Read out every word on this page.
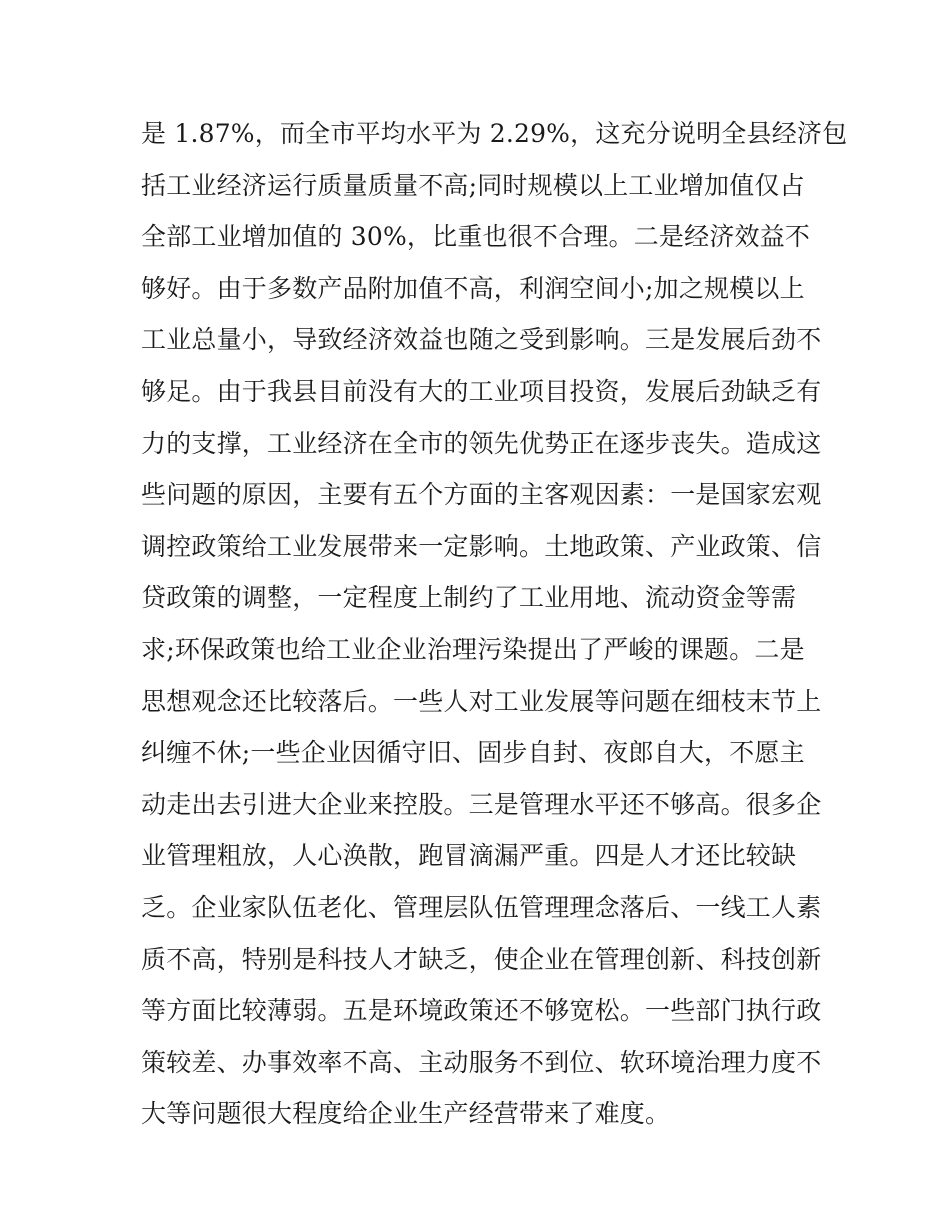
是 1.87%，而全市平均水平为 2.29%，这充分说明全县经济包
括工业经济运行质量质量不高;同时规模以上工业增加值仅占
全部工业增加值的 30%，比重也很不合理。二是经济效益不
够好。由于多数产品附加值不高，利润空间小;加之规模以上
工业总量小，导致经济效益也随之受到影响。三是发展后劲不
够足。由于我县目前没有大的工业项目投资，发展后劲缺乏有
力的支撑，工业经济在全市的领先优势正在逐步丧失。造成这
些问题的原因，主要有五个方面的主客观因素：一是国家宏观
调控政策给工业发展带来一定影响。土地政策、产业政策、信
贷政策的调整，一定程度上制约了工业用地、流动资金等需
求;环保政策也给工业企业治理污染提出了严峻的课题。二是
思想观念还比较落后。一些人对工业发展等问题在细枝末节上
纠缠不休;一些企业因循守旧、固步自封、夜郎自大，不愿主
动走出去引进大企业来控股。三是管理水平还不够高。很多企
业管理粗放，人心涣散，跑冒滴漏严重。四是人才还比较缺
乏。企业家队伍老化、管理层队伍管理理念落后、一线工人素
质不高，特别是科技人才缺乏，使企业在管理创新、科技创新
等方面比较薄弱。五是环境政策还不够宽松。一些部门执行政
策较差、办事效率不高、主动服务不到位、软环境治理力度不
大等问题很大程度给企业生产经营带来了难度。
